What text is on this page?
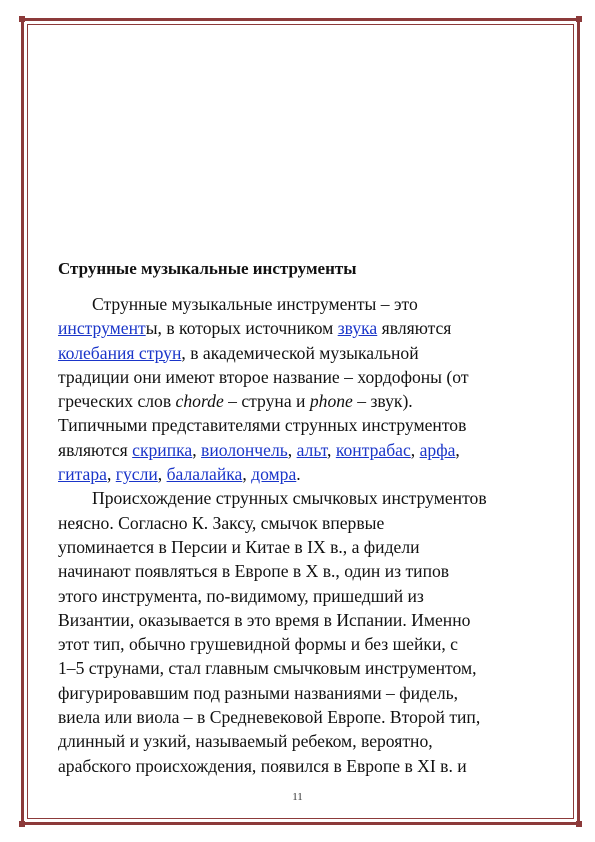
Струнные музыкальные инструменты
Струнные музыкальные инструменты – это
инструменты, в которых источником звука являются
колебания струн, в академической музыкальной
традиции они имеют второе название – хордофоны (от
греческих слов chorde – струна и phone – звук).
Типичными представителями струнных инструментов
являются скрипка, виолончель, альт, контрабас, арфа,
гитара, гусли, балалайка, домра.
Происхождение струнных смычковых инструментов
неясно. Согласно К. Заксу, смычок впервые
упоминается в Персии и Китае в IX в., а фидели
начинают появляться в Европе в X в., один из типов
этого инструмента, по-видимому, пришедший из
Византии, оказывается в это время в Испании. Именно
этот тип, обычно грушевидной формы и без шейки, с
1–5 струнами, стал главным смычковым инструментом,
фигурировавшим под разными названиями – фидель,
виела или виола – в Средневековой Европе. Второй тип,
длинный и узкий, называемый ребеком, вероятно,
арабского происхождения, появился в Европе в XI в. и
11
